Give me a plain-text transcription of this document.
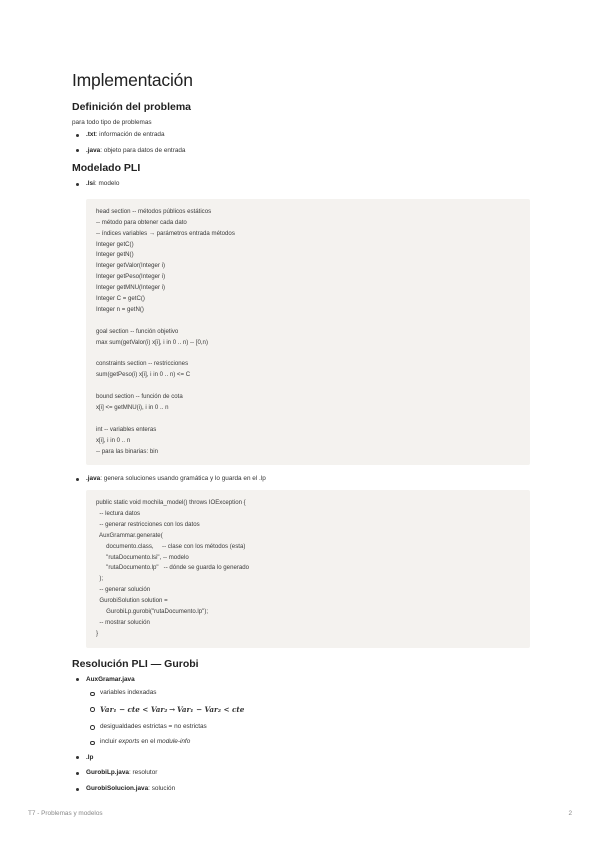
Implementación
Definición del problema

para todo tipo de problemas

.txt: información de entrada
.java: objeto para datos de entrada
Modelado PLI
.lsi: modelo
head section -- métodos públicos estáticos
-- método para obtener cada dato
-- índices variables → parámetros entrada métodos
Integer getC()
Integer getN()
Integer getValor(Integer i)
Integer getPeso(Integer i)
Integer getMNU(Integer i)
Integer C = getC()
Integer n = getN()
goal section -- función objetivo
max sum(getValor(i) x[i], i in 0 .. n) -- [0,n)
constraints section -- restricciones
sum(getPeso(i) x[i], i in 0 .. n) <= C
bound section -- función de cota
x[i] <= getMNU(i), i in 0 .. n
int -- variables enteras
x[i], i in 0 .. n
-- para las binarias: bin
.java: genera soluciones usando gramática y lo guarda en el .lp
public static void mochila_model() throws IOException {
-- lectura datos
-- generar restricciones con los datos
AuxGrammar.generate(
documento.class,     -- clase con los métodos (esta)
"rutaDocumento.lsi", -- modelo
"rutaDocumento.lp"   -- dónde se guarda lo generado
);
-- generar solución
GurobiSolution solution =
GurobiLp.gurobi("rutaDocumento.lp");
-- mostrar solución
}
Resolución PLI — Gurobi
AuxGramar.java
variables indexadas
Var₁ − cte < Var₂ → Var₁ − Var₂ < cte
desigualdades estrictas = no estrictas
incluir exports en el module-info
.lp
GurobiLp.java: resolutor
GurobiSolucion.java: solución
T7 - Problemas y modelos	2
